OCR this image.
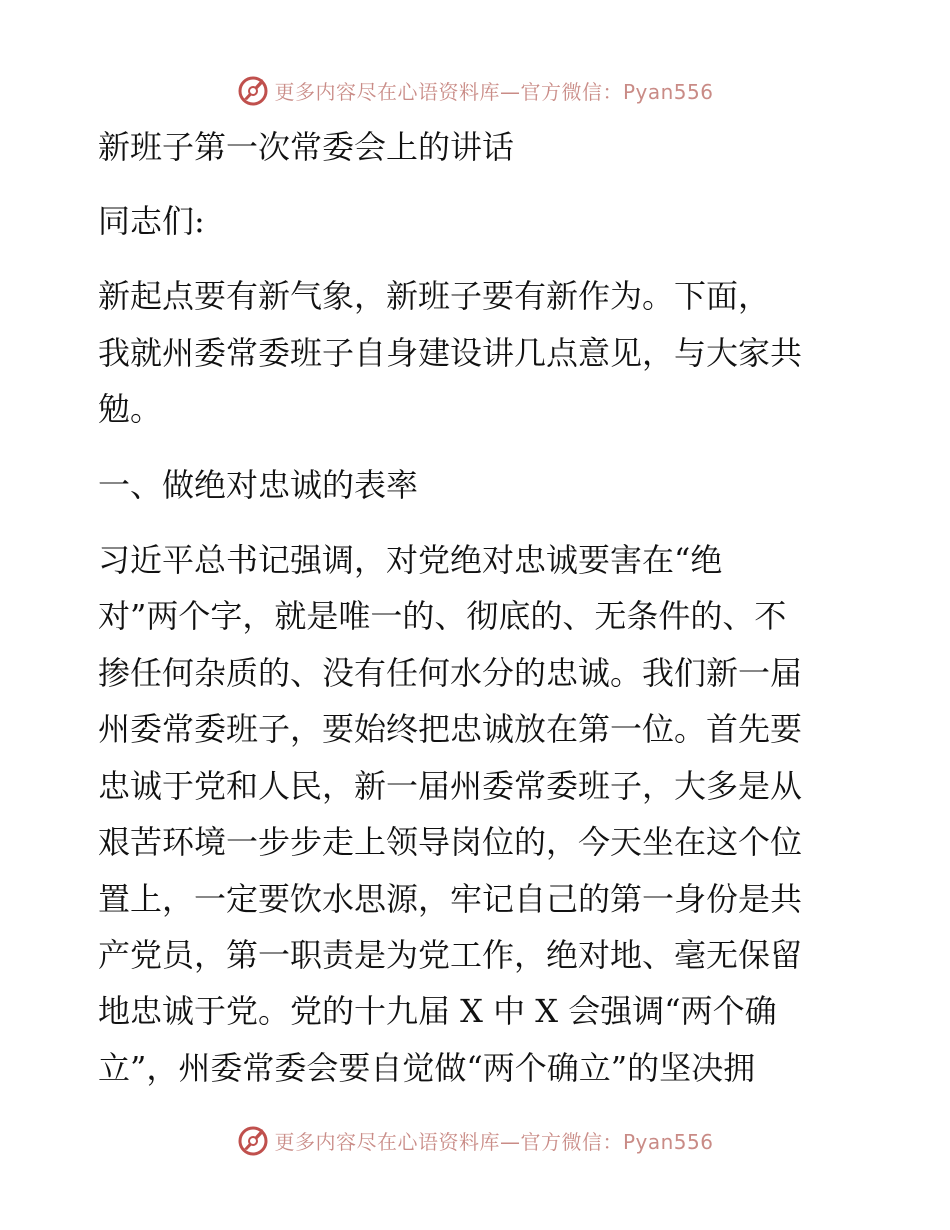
更多内容尽在心语资料库—官方微信：Pyan556
新班子第一次常委会上的讲话
同志们:
新起点要有新气象，新班子要有新作为。下面，
我就州委常委班子自身建设讲几点意见，与大家共
勉。
一、做绝对忠诚的表率
习近平总书记强调，对党绝对忠诚要害在“绝
对”两个字，就是唯一的、彻底的、无条件的、不
掺任何杂质的、没有任何水分的忠诚。我们新一届
州委常委班子，要始终把忠诚放在第一位。首先要
忠诚于党和人民，新一届州委常委班子，大多是从
艰苦环境一步步走上领导岗位的，今天坐在这个位
置上，一定要饮水思源，牢记自己的第一身份是共
产党员，第一职责是为党工作，绝对地、毫无保留
地忠诚于党。党的十九届 X 中 X 会强调“两个确
立”，州委常委会要自觉做“两个确立”的坚决拥
更多内容尽在心语资料库—官方微信：Pyan556
